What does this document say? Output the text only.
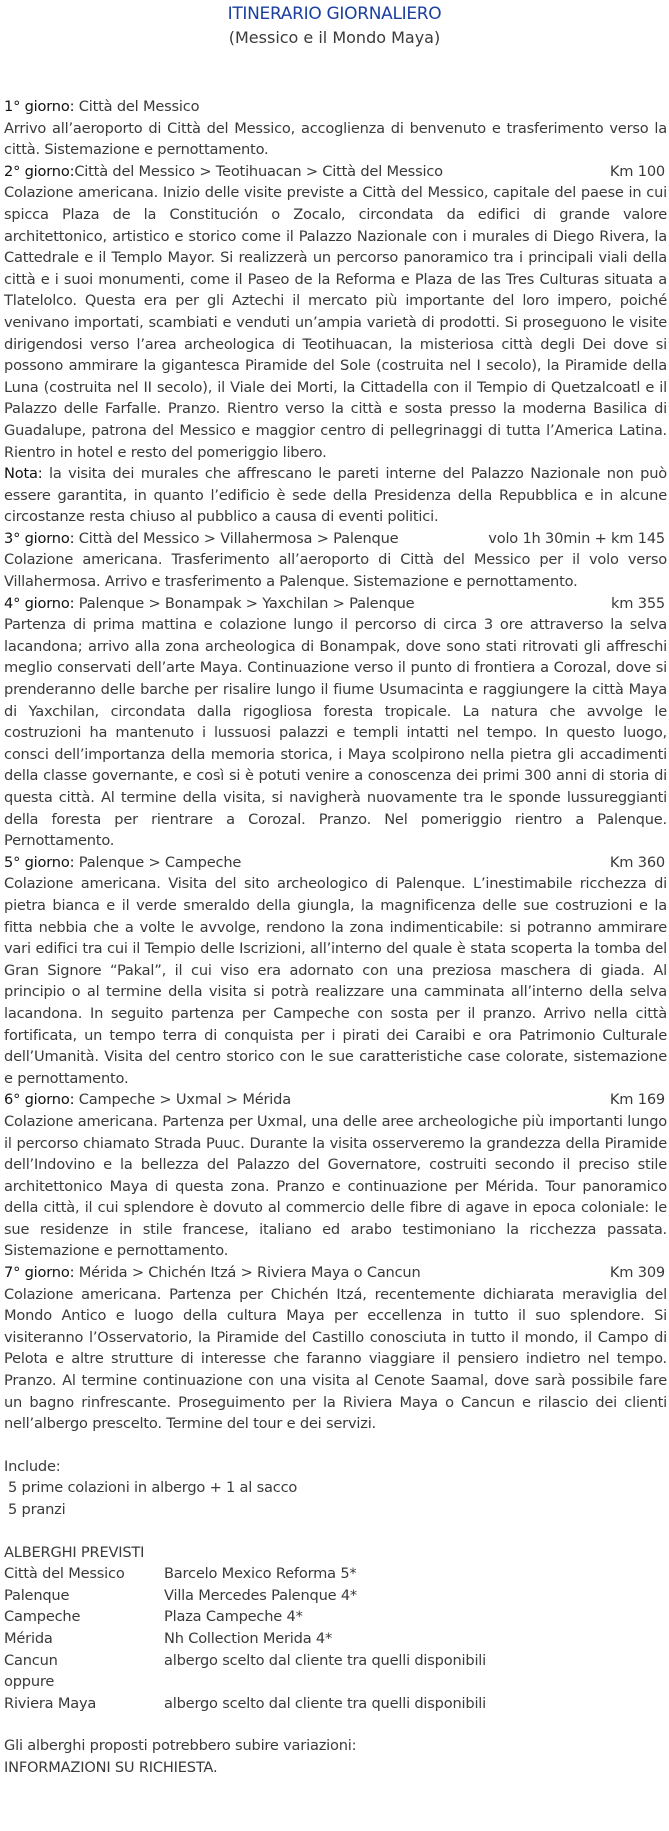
ITINERARIO GIORNALIERO
(Messico e il Mondo Maya)
1° giorno: Città del Messico

Arrivo all’aeroporto di Città del Messico, accoglienza di benvenuto e trasferimento verso la città. Sistemazione e pernottamento.

2° giorno:Città del Messico > Teotihuacan > Città del Messico	Km 100

Colazione americana. Inizio delle visite previste a Città del Messico, capitale del paese in cui spicca Plaza de la Constitución o Zocalo, circondata da edifici di grande valore architettonico, artistico e storico come il Palazzo Nazionale con i murales di Diego Rivera, la Cattedrale e il Templo Mayor. Si realizzerà un percorso panoramico tra i principali viali della città e i suoi monumenti, come il Paseo de la Reforma e Plaza de las Tres Culturas situata a Tlatelolco. Questa era per gli Aztechi il mercato più importante del loro impero, poiché venivano importati, scambiati e venduti un’ampia varietà di prodotti. Si proseguono le visite dirigendosi verso l’area archeologica di Teotihuacan, la misteriosa città degli Dei dove si possono ammirare la gigantesca Piramide del Sole (costruita nel I secolo), la Piramide della Luna (costruita nel II secolo), il Viale dei Morti, la Cittadella con il Tempio di Quetzalcoatl e il Palazzo delle Farfalle. Pranzo. Rientro verso la città e sosta presso la moderna Basilica di Guadalupe, patrona del Messico e maggior centro di pellegrinaggi di tutta l’America Latina. Rientro in hotel e resto del pomeriggio libero.

Nota: la visita dei murales che affrescano le pareti interne del Palazzo Nazionale non può essere garantita, in quanto l’edificio è sede della Presidenza della Repubblica e in alcune circostanze resta chiuso al pubblico a causa di eventi politici.

3° giorno: Città del Messico > Villahermosa > Palenque	volo 1h 30min + km 145

Colazione americana. Trasferimento all’aeroporto di Città del Messico per il volo verso Villahermosa. Arrivo e trasferimento a Palenque. Sistemazione e pernottamento.

4° giorno: Palenque > Bonampak > Yaxchilan > Palenque	km 355

Partenza di prima mattina e colazione lungo il percorso di circa 3 ore attraverso la selva lacandona; arrivo alla zona archeologica di Bonampak, dove sono stati ritrovati gli affreschi meglio conservati dell’arte Maya. Continuazione verso il punto di frontiera a Corozal, dove si prenderanno delle barche per risalire lungo il fiume Usumacinta e raggiungere la città Maya di Yaxchilan, circondata dalla rigogliosa foresta tropicale. La natura che avvolge le costruzioni ha mantenuto i lussuosi palazzi e templi intatti nel tempo. In questo luogo, consci dell’importanza della memoria storica, i Maya scolpirono nella pietra gli accadimenti della classe governante, e così si è potuti venire a conoscenza dei primi 300 anni di storia di questa città. Al termine della visita, si navigherà nuovamente tra le sponde lussureggianti della foresta per rientrare a Corozal. Pranzo. Nel pomeriggio rientro a Palenque. Pernottamento.

5° giorno: Palenque > Campeche	Km 360

Colazione americana. Visita del sito archeologico di Palenque. L’inestimabile ricchezza di pietra bianca e il verde smeraldo della giungla, la magnificenza delle sue costruzioni e la fitta nebbia che a volte le avvolge, rendono la zona indimenticabile: si potranno ammirare vari edifici tra cui il Tempio delle Iscrizioni, all’interno del quale è stata scoperta la tomba del Gran Signore “Pakal”, il cui viso era adornato con una preziosa maschera di giada. Al principio o al termine della visita si potrà realizzare una camminata all’interno della selva lacandona. In seguito partenza per Campeche con sosta per il pranzo. Arrivo nella città fortificata, un tempo terra di conquista per i pirati dei Caraibi e ora Patrimonio Culturale dell’Umanità. Visita del centro storico con le sue caratteristiche case colorate, sistemazione e pernottamento.

6° giorno: Campeche > Uxmal > Mérida	Km 169

Colazione americana. Partenza per Uxmal, una delle aree archeologiche più importanti lungo il percorso chiamato Strada Puuc. Durante la visita osserveremo la grandezza della Piramide dell’Indovino e la bellezza del Palazzo del Governatore, costruiti secondo il preciso stile architettonico Maya di questa zona. Pranzo e continuazione per Mérida. Tour panoramico della città, il cui splendore è dovuto al commercio delle fibre di agave in epoca coloniale: le sue residenze in stile francese, italiano ed arabo testimoniano la ricchezza passata. Sistemazione e pernottamento.

7° giorno: Mérida > Chichén Itzá > Riviera Maya o Cancun	Km 309

Colazione americana. Partenza per Chichén Itzá, recentemente dichiarata meraviglia del Mondo Antico e luogo della cultura Maya per eccellenza in tutto il suo splendore. Si visiteranno l’Osservatorio, la Piramide del Castillo conosciuta in tutto il mondo, il Campo di Pelota e altre strutture di interesse che faranno viaggiare il pensiero indietro nel tempo. Pranzo. Al termine continuazione con una visita al Cenote Saamal, dove sarà possibile fare un bagno rinfrescante. Proseguimento per la Riviera Maya o Cancun e rilascio dei clienti nell’albergo prescelto. Termine del tour e dei servizi.

Include:

5 prime colazioni in albergo + 1 al sacco

5 pranzi

ALBERGHI PREVISTI

Città del Messico	Barcelo Mexico Reforma 5*
Palenque	Villa Mercedes Palenque 4*
Campeche	Plaza Campeche 4*
Mérida	Nh Collection Merida 4*
Cancun	albergo scelto dal cliente tra quelli disponibili
oppure
Riviera Maya	albergo scelto dal cliente tra quelli disponibili

Gli alberghi proposti potrebbero subire variazioni:

INFORMAZIONI SU RICHIESTA.
